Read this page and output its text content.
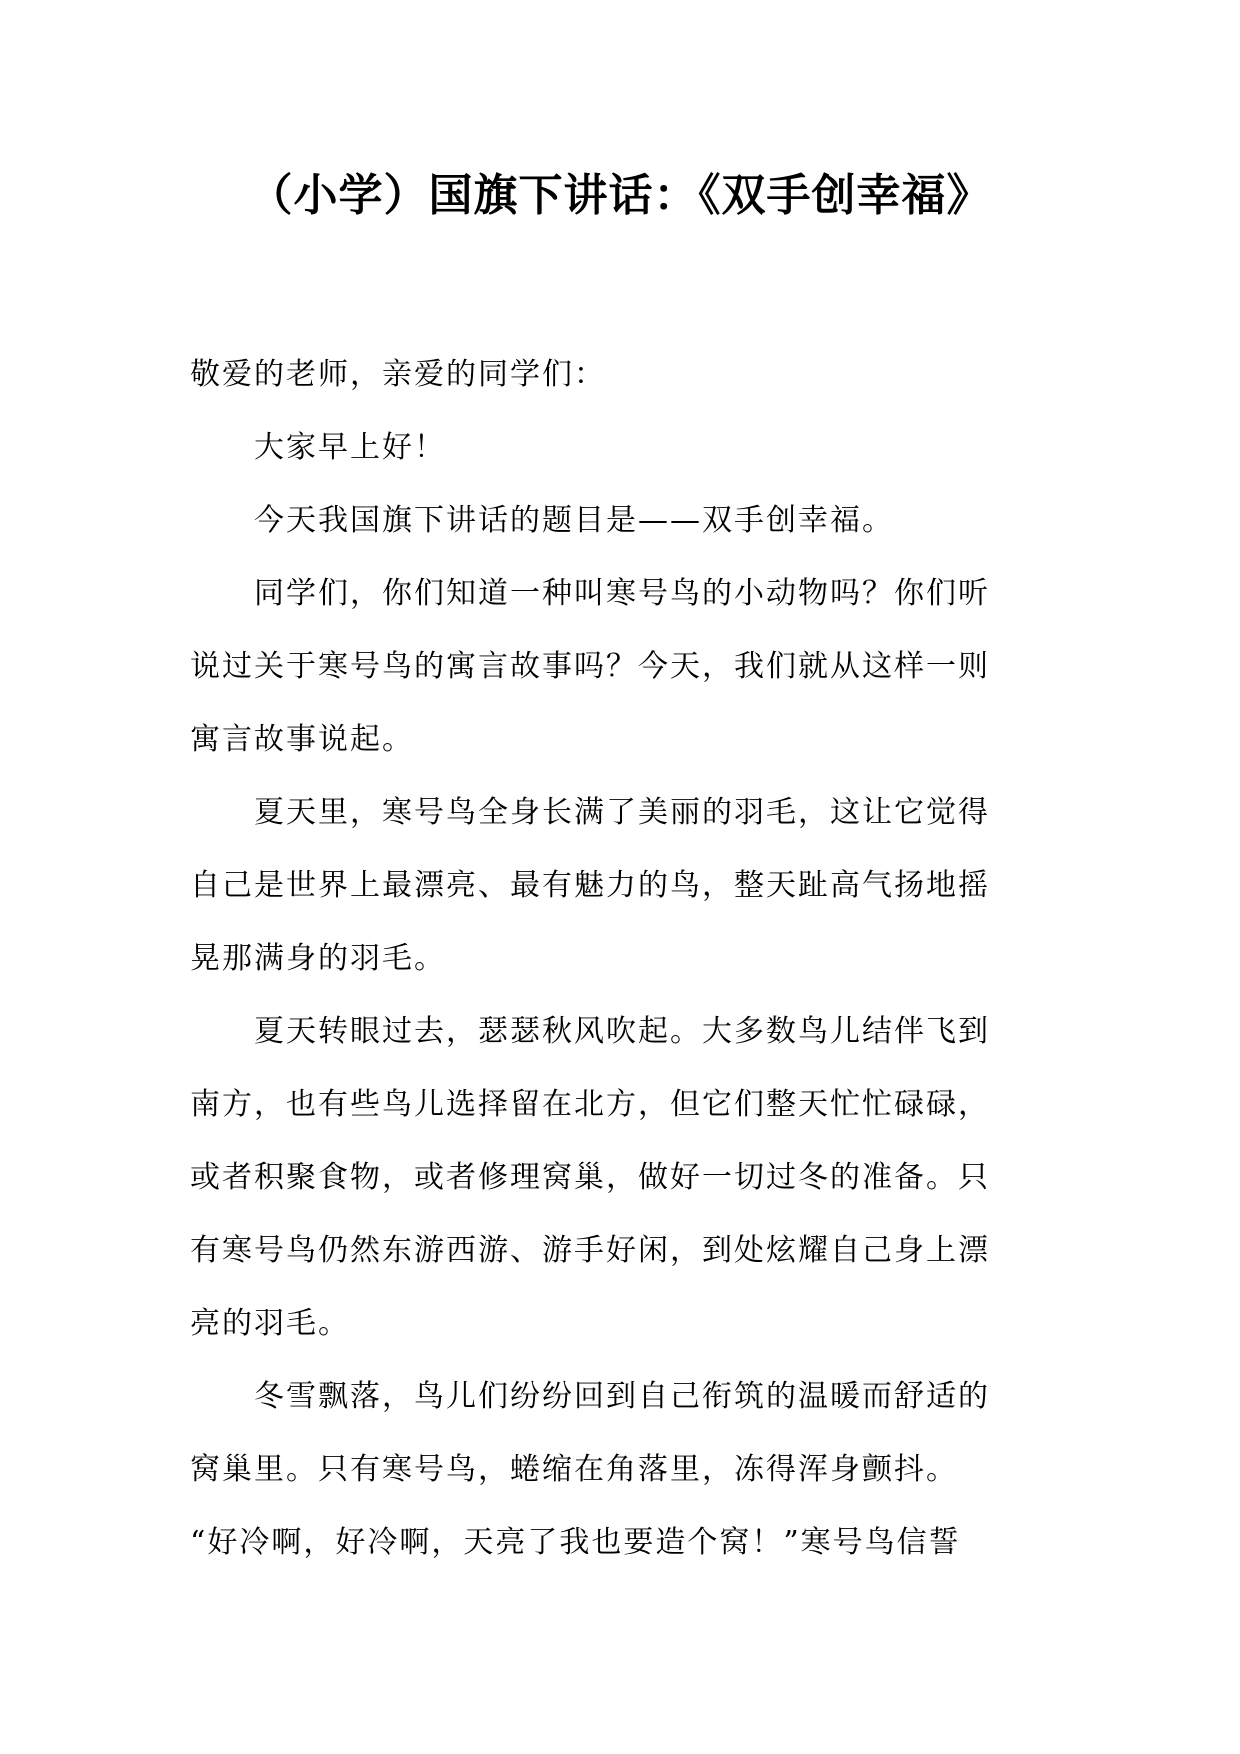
（小学）国旗下讲话：《双手创幸福》
敬爱的老师，亲爱的同学们：
大家早上好！
今天我国旗下讲话的题目是——双手创幸福。
同学们，你们知道一种叫寒号鸟的小动物吗？你们听
说过关于寒号鸟的寓言故事吗？今天，我们就从这样一则
寓言故事说起。
夏天里，寒号鸟全身长满了美丽的羽毛，这让它觉得
自己是世界上最漂亮、最有魅力的鸟，整天趾高气扬地摇
晃那满身的羽毛。
夏天转眼过去，瑟瑟秋风吹起。大多数鸟儿结伴飞到
南方，也有些鸟儿选择留在北方，但它们整天忙忙碌碌，
或者积聚食物，或者修理窝巢，做好一切过冬的准备。只
有寒号鸟仍然东游西游、游手好闲，到处炫耀自己身上漂
亮的羽毛。
冬雪飘落，鸟儿们纷纷回到自己衔筑的温暖而舒适的
窝巢里。只有寒号鸟，蜷缩在角落里，冻得浑身颤抖。
“好冷啊，好冷啊，天亮了我也要造个窝！”寒号鸟信誓
